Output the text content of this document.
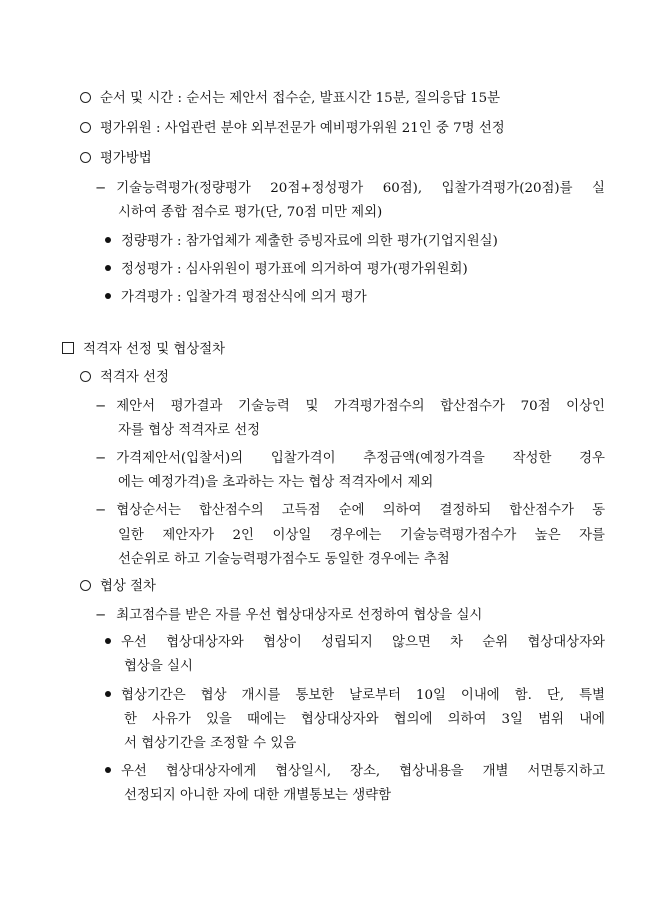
순서 및 시간 : 순서는 제안서 접수순, 발표시간 15분, 질의응답 15분
평가위원 : 사업관련 분야 외부전문가 예비평가위원 21인 중 7명 선정
평가방법
− 기술능력평가(정량평가 20점+정성평가 60점), 입찰가격평가(20점)를 실
시하여 종합 점수로 평가(단, 70점 미만 제외)
정량평가 : 참가업체가 제출한 증빙자료에 의한 평가(기업지원실)
정성평가 : 심사위원이 평가표에 의거하여 평가(평가위원회)
가격평가 : 입찰가격 평점산식에 의거 평가
적격자 선정 및 협상절차
적격자 선정
− 제안서 평가결과 기술능력 및 가격평가점수의 합산점수가 70점 이상인
자를 협상 적격자로 선정
− 가격제안서(입찰서)의 입찰가격이 추정금액(예정가격을 작성한 경우
에는 예정가격)을 초과하는 자는 협상 적격자에서 제외
− 협상순서는 합산점수의 고득점 순에 의하여 결정하되 합산점수가 동
일한 제안자가 2인 이상일 경우에는 기술능력평가점수가 높은 자를
선순위로 하고 기술능력평가점수도 동일한 경우에는 추첨
협상 절차
− 최고점수를 받은 자를 우선 협상대상자로 선정하여 협상을 실시
우선 협상대상자와 협상이 성립되지 않으면 차 순위 협상대상자와
협상을 실시
협상기간은 협상 개시를 통보한 날로부터 10일 이내에 함. 단, 특별
한 사유가 있을 때에는 협상대상자와 협의에 의하여 3일 범위 내에
서 협상기간을 조정할 수 있음
우선 협상대상자에게 협상일시, 장소, 협상내용을 개별 서면통지하고
선정되지 아니한 자에 대한 개별통보는 생략함
